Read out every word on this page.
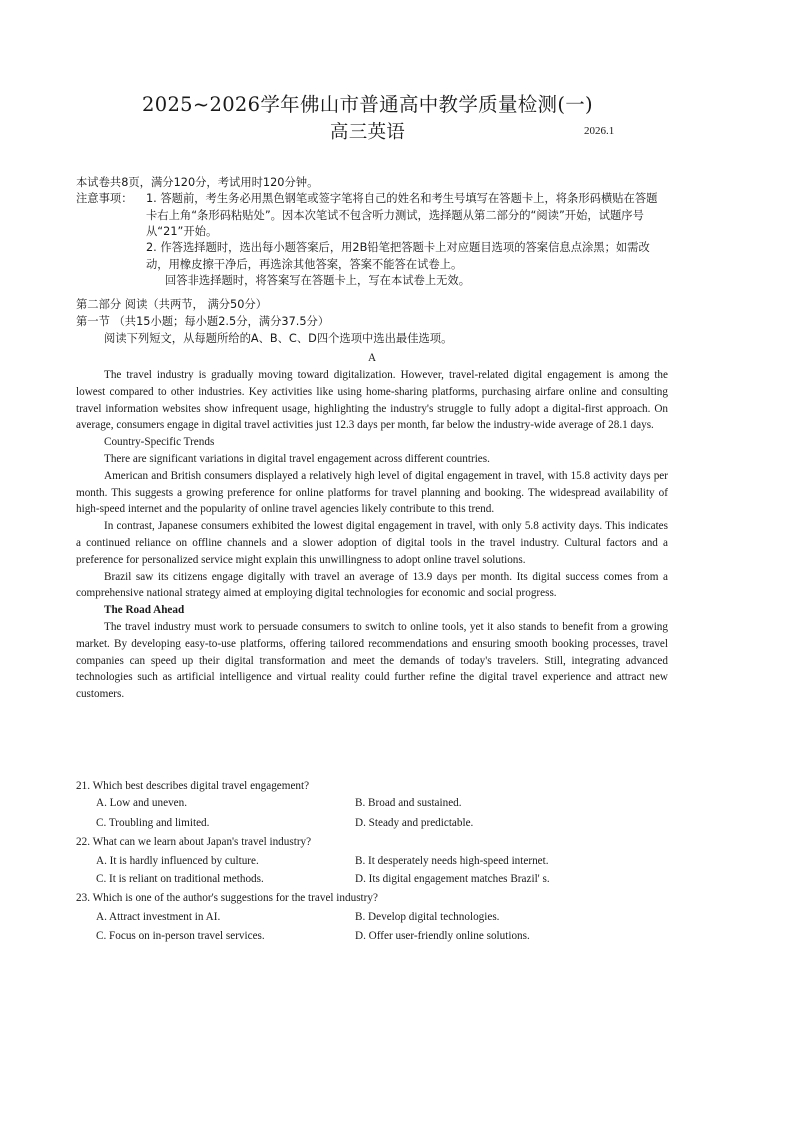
2025~2026学年佛山市普通高中教学质量检测(一)
高三英语	2026.1
本试卷共8页，满分120分，考试用时120分钟。
注意事项：	1. 答题前，考生务必用黑色钢笔或签字笔将自己的姓名和考生号填写在答题卡上，将条形码横贴在答题卡右上角“条形码粘贴处”。因本次笔试不包含听力测试，选择题从第二部分的“阅读”开始，试题序号从“21”开始。
2. 作答选择题时，选出每小题答案后，用2B铅笔把答题卡上对应题目选项的答案信息点涂黑；如需改动，用橡皮擦干净后，再选涂其他答案，答案不能答在试卷上。
回答非选择题时，将答案写在答题卡上，写在本试卷上无效。
第二部分 阅读（共两节， 满分50分）
第一节 （共15小题；每小题2.5分，满分37.5分）
阅读下列短文，从每题所给的A、B、C、D四个选项中选出最佳选项。
A

The travel industry is gradually moving toward digitalization. However, travel-related digital engagement is among the lowest compared to other industries. Key activities like using home-sharing platforms, purchasing airfare online and consulting travel information websites show infrequent usage, highlighting the industry's struggle to fully adopt a digital-first approach. On average, consumers engage in digital travel activities just 12.3 days per month, far below the industry-wide average of 28.1 days.

Country-Specific Trends

There are significant variations in digital travel engagement across different countries.

American and British consumers displayed a relatively high level of digital engagement in travel, with 15.8 activity days per month. This suggests a growing preference for online platforms for travel planning and booking. The widespread availability of high-speed internet and the popularity of online travel agencies likely contribute to this trend.

In contrast, Japanese consumers exhibited the lowest digital engagement in travel, with only 5.8 activity days. This indicates a continued reliance on offline channels and a slower adoption of digital tools in the travel industry. Cultural factors and a preference for personalized service might explain this unwillingness to adopt online travel solutions.

Brazil saw its citizens engage digitally with travel an average of 13.9 days per month. Its digital success comes from a comprehensive national strategy aimed at employing digital technologies for economic and social progress.

The Road Ahead

The travel industry must work to persuade consumers to switch to online tools, yet it also stands to benefit from a growing market. By developing easy-to-use platforms, offering tailored recommendations and ensuring smooth booking processes, travel companies can speed up their digital transformation and meet the demands of today's travelers. Still, integrating advanced technologies such as artificial intelligence and virtual reality could further refine the digital travel experience and attract new customers.

21. Which best describes digital travel engagement?
A. Low and uneven.	B. Broad and sustained.
C. Troubling and limited.	D. Steady and predictable.
22. What can we learn about Japan's travel industry?
A. It is hardly influenced by culture.	B. It desperately needs high-speed internet.
C. It is reliant on traditional methods.	D. Its digital engagement matches Brazil' s.
23. Which is one of the author's suggestions for the travel industry?
A. Attract investment in AI.	B. Develop digital technologies.
C. Focus on in-person travel services.	D. Offer user-friendly online solutions.
